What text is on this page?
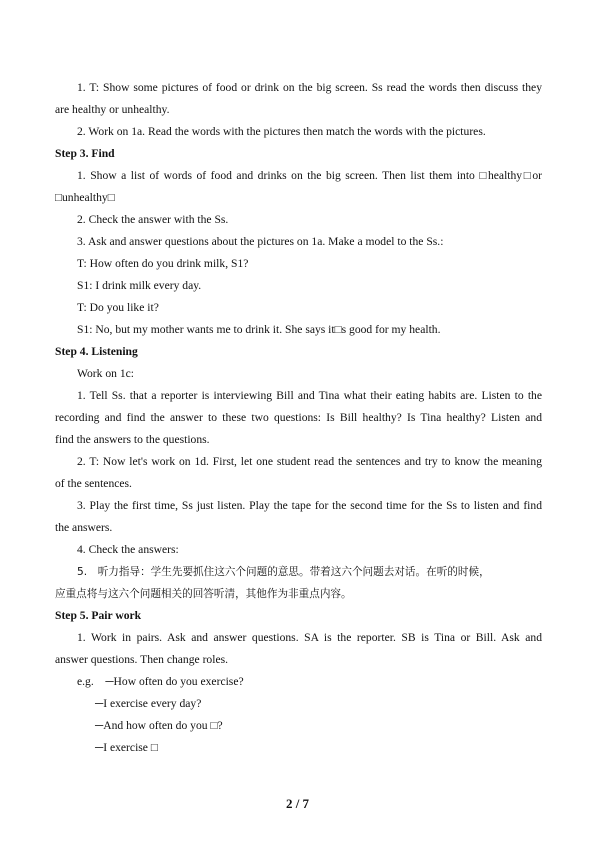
1. T: Show some pictures of food or drink on the big screen. Ss read the words then discuss they
are healthy or unhealthy.
2. Work on 1a. Read the words with the pictures then match the words with the pictures.
Step 3. Find
1. Show a list of words of food and drinks on the big screen. Then list them into □healthy□or
□unhealthy□
2. Check the answer with the Ss.
3. Ask and answer questions about the pictures on 1a. Make a model to the Ss.:
T: How often do you drink milk, S1?
S1: I drink milk every day.
T: Do you like it?
S1: No, but my mother wants me to drink it. She says it□s good for my health.
Step 4. Listening
Work on 1c:
1. Tell Ss. that a reporter is interviewing Bill and Tina what their eating habits are. Listen to the
recording and find the answer to these two questions: Is Bill healthy? Is Tina healthy? Listen and
find the answers to the questions.
2. T: Now let's work on 1d. First, let one student read the sentences and try to know the meaning
of the sentences.
3. Play the first time, Ss just listen. Play the tape for the second time for the Ss to listen and find
the answers.
4. Check the answers:
5.　听力指导：学生先要抓住这六个问题的意思。带着这六个问题去对话。在听的时候，
应重点将与这六个问题相关的回答听清，其他作为非重点内容。
Step 5. Pair work
1. Work in pairs. Ask and answer questions. SA is the reporter. SB is Tina or Bill. Ask and
answer questions. Then change roles.
e.g.　─How often do you exercise?
─I exercise every day?
─And how often do you □?
─I exercise □
2 / 7
